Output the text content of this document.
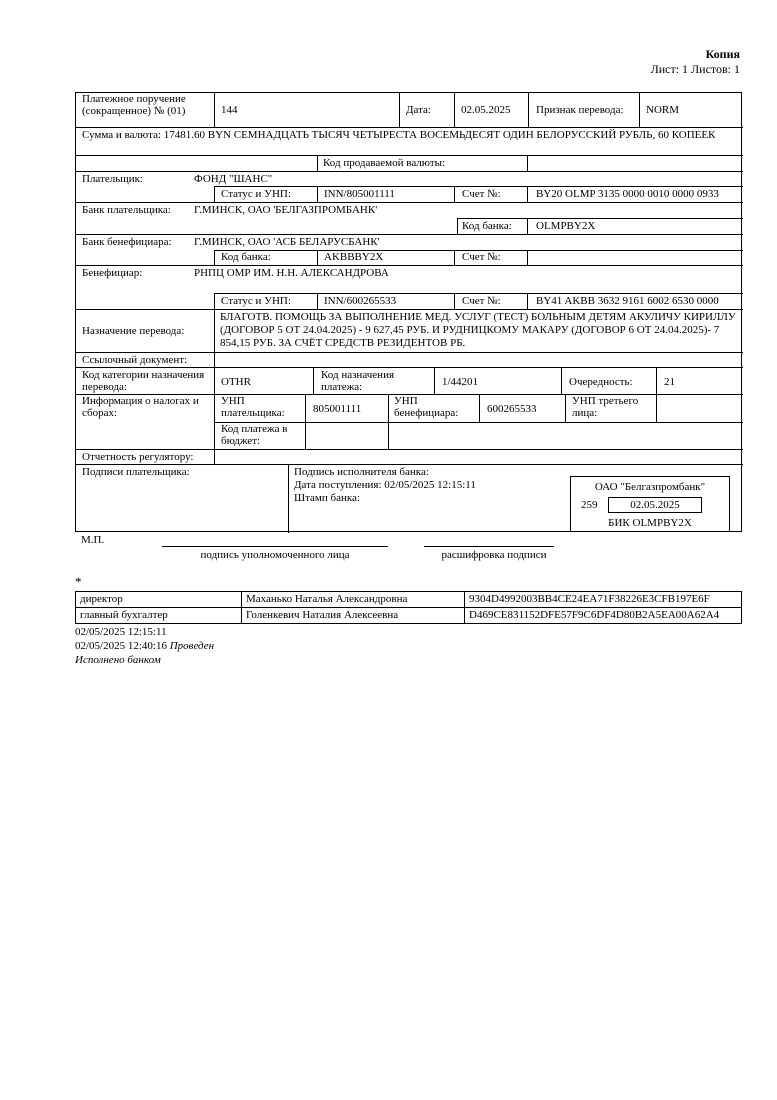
Копия
Лист: 1 Листов: 1
Платежное поручение (сокращенное) № (01)	144	Дата:	02.05.2025 Признак перевода: NORM
Сумма и валюта: 17481.60 BYN СЕМНАДЦАТЬ ТЫСЯЧ ЧЕТЫРЕСТА ВОСЕМЬДЕСЯТ ОДИН БЕЛОРУССКИЙ РУБЛЬ, 60 КОПЕЕК
Код продаваемой валюты:
Плательщик:	ФОНД "ШАНС"
Статус и УНП:	INN/805001111	Счет №:	BY20 OLMP 3135 0000 0010 0000 0933
Банк плательщика: Г.МИНСК, ОАО 'БЕЛГАЗПРОМБАНК'
Код банка: OLMPBY2X
Банк бенефициара: Г.МИНСК, ОАО 'АСБ БЕЛАРУСБАНК'
Код банка:	AKBBBY2X	Счет №:
Бенефициар:	РНПЦ ОМР ИМ. Н.Н. АЛЕКСАНДРОВА
Статус и УНП:	INN/600265533	Счет №:	BY41 AKBB 3632 9161 6002 6530 0000
Назначение перевода:
БЛАГОТВ. ПОМОЩЬ ЗА ВЫПОЛНЕНИЕ МЕД. УСЛУГ (ТЕСТ) БОЛЬНЫМ ДЕТЯМ АКУЛИЧУ КИРИЛЛУ (ДОГОВОР 5 ОТ 24.04.2025) - 9 627,45 РУБ. И РУДНИЦКОМУ МАКАРУ (ДОГОВОР 6 ОТ 24.04.2025)- 7 854,15 РУБ. ЗА СЧЁТ СРЕДСТВ РЕЗИДЕНТОВ РБ.
Ссылочный документ:
Код категории назначения перевода:	OTHR
Код назначения платежа:	1/44201	Очередность:	21
Информация о налогах и сборах:
УНП плательщика:	805001111
УНП бенефициара:	600265533
УНП третьего лица:
Код платежа в бюджет:
Отчетность регулятору:
Подписи плательщика:	Подпись исполнителя банка:
Дата поступления: 02/05/2025 12:15:11
Штамп банка:
ОАО "Белгазпромбанк"
259	02.05.2025
БИК OLMPBY2X
М.П.
подпись уполномоченного лица	расшифровка подписи
*
директор	Маханько Наталья Александровна	9304D4992003BB4CE24EA71F38226E3CFB197E6F
главный бухгалтер	Голенкевич Наталия Алексеевна	D469CE831152DFE57F9C6DF4D80B2A5EA00A62A4
02/05/2025 12:15:11
02/05/2025 12:40:16 Проведен
Исполнено банком
